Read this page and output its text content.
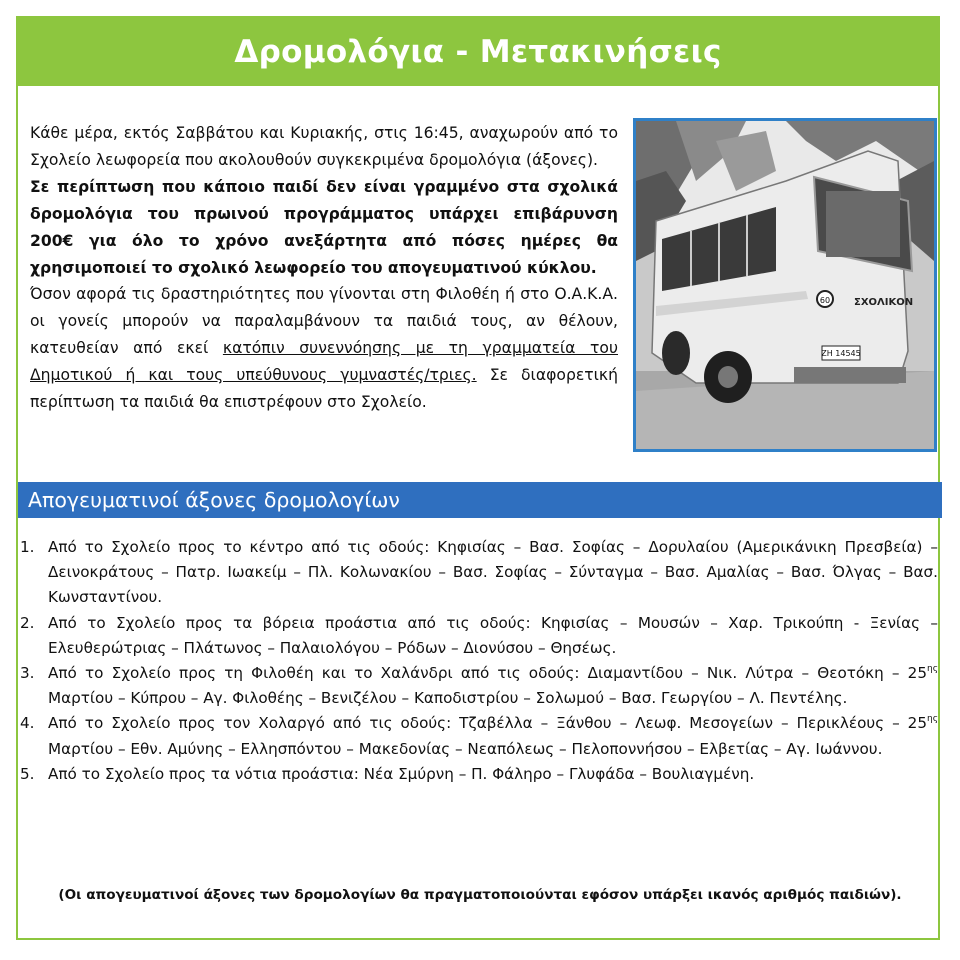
Δρομολόγια - Μετακινήσεις

Κάθε μέρα, εκτός Σαββάτου και Κυριακής, στις 16:45, αναχωρούν από το Σχολείο λεωφορεία που ακολουθούν συγκεκριμένα δρομολόγια (άξονες).

Σε περίπτωση που κάποιο παιδί δεν είναι γραμμένο στα σχολικά δρομολόγια του πρωινού προγράμματος υπάρχει επιβάρυνση 200€ για όλο το χρόνο ανεξάρτητα από πόσες ημέρες θα χρησιμοποιεί το σχολικό λεωφορείο του απογευματινού κύκλου.

Όσον αφορά τις δραστηριότητες που γίνονται στη Φιλοθέη ή στο Ο.Α.Κ.Α. οι γονείς μπορούν να παραλαμβάνουν τα παιδιά τους, αν θέλουν, κατευθείαν από εκεί κατόπιν συνεννόησης με τη γραμματεία του Δημοτικού ή και τους υπεύθυνους γυμναστές/τριες. Σε διαφορετική περίπτωση τα παιδιά θα επιστρέφουν στο Σχολείο.

60 ΣΧΟΛΙΚΟΝ
ZH 14545
Απογευματινοί άξονες δρομολογίων
1. Από το Σχολείο προς το κέντρο από τις οδούς: Κηφισίας – Βασ. Σοφίας – Δορυλαίου (Αμερικάνικη Πρεσβεία) – Δεινοκράτους – Πατρ. Ιωακείμ – Πλ. Κολωνακίου – Βασ. Σοφίας – Σύνταγμα – Βασ. Αμαλίας – Βασ. Όλγας – Βασ. Κωνσταντίνου.
2. Από το Σχολείο προς τα βόρεια προάστια από τις οδούς: Κηφισίας – Μουσών – Χαρ. Τρικούπη - Ξενίας – Ελευθερώτριας – Πλάτωνος – Παλαιολόγου – Ρόδων – Διονύσου – Θησέως.
3. Από το Σχολείο προς τη Φιλοθέη και το Χαλάνδρι από τις οδούς: Διαμαντίδου – Νικ. Λύτρα – Θεοτόκη – $25^{\eta\varsigma}$ Μαρτίου – Κύπρου – Αγ. Φιλοθέης – Βενιζέλου – Καποδιστρίου – Σολωμού – Βασ. Γεωργίου – Λ. Πεντέλης.
4. Από το Σχολείο προς τον Χολαργό από τις οδούς: Τζαβέλλα – Ξάνθου – Λεωφ. Μεσογείων – Περικλέους – $25^{\eta\varsigma}$ Μαρτίου – Εθν. Αμύνης – Ελλησπόντου – Μακεδονίας – Νεαπόλεως – Πελοποννήσου – Ελβετίας – Αγ. Ιωάννου.
5. Από το Σχολείο προς τα νότια προάστια: Νέα Σμύρνη – Π. Φάληρο – Γλυφάδα – Βουλιαγμένη.
(Οι απογευματινοί άξονες των δρομολογίων θα πραγματοποιούνται εφόσον υπάρξει ικανός αριθμός παιδιών).
